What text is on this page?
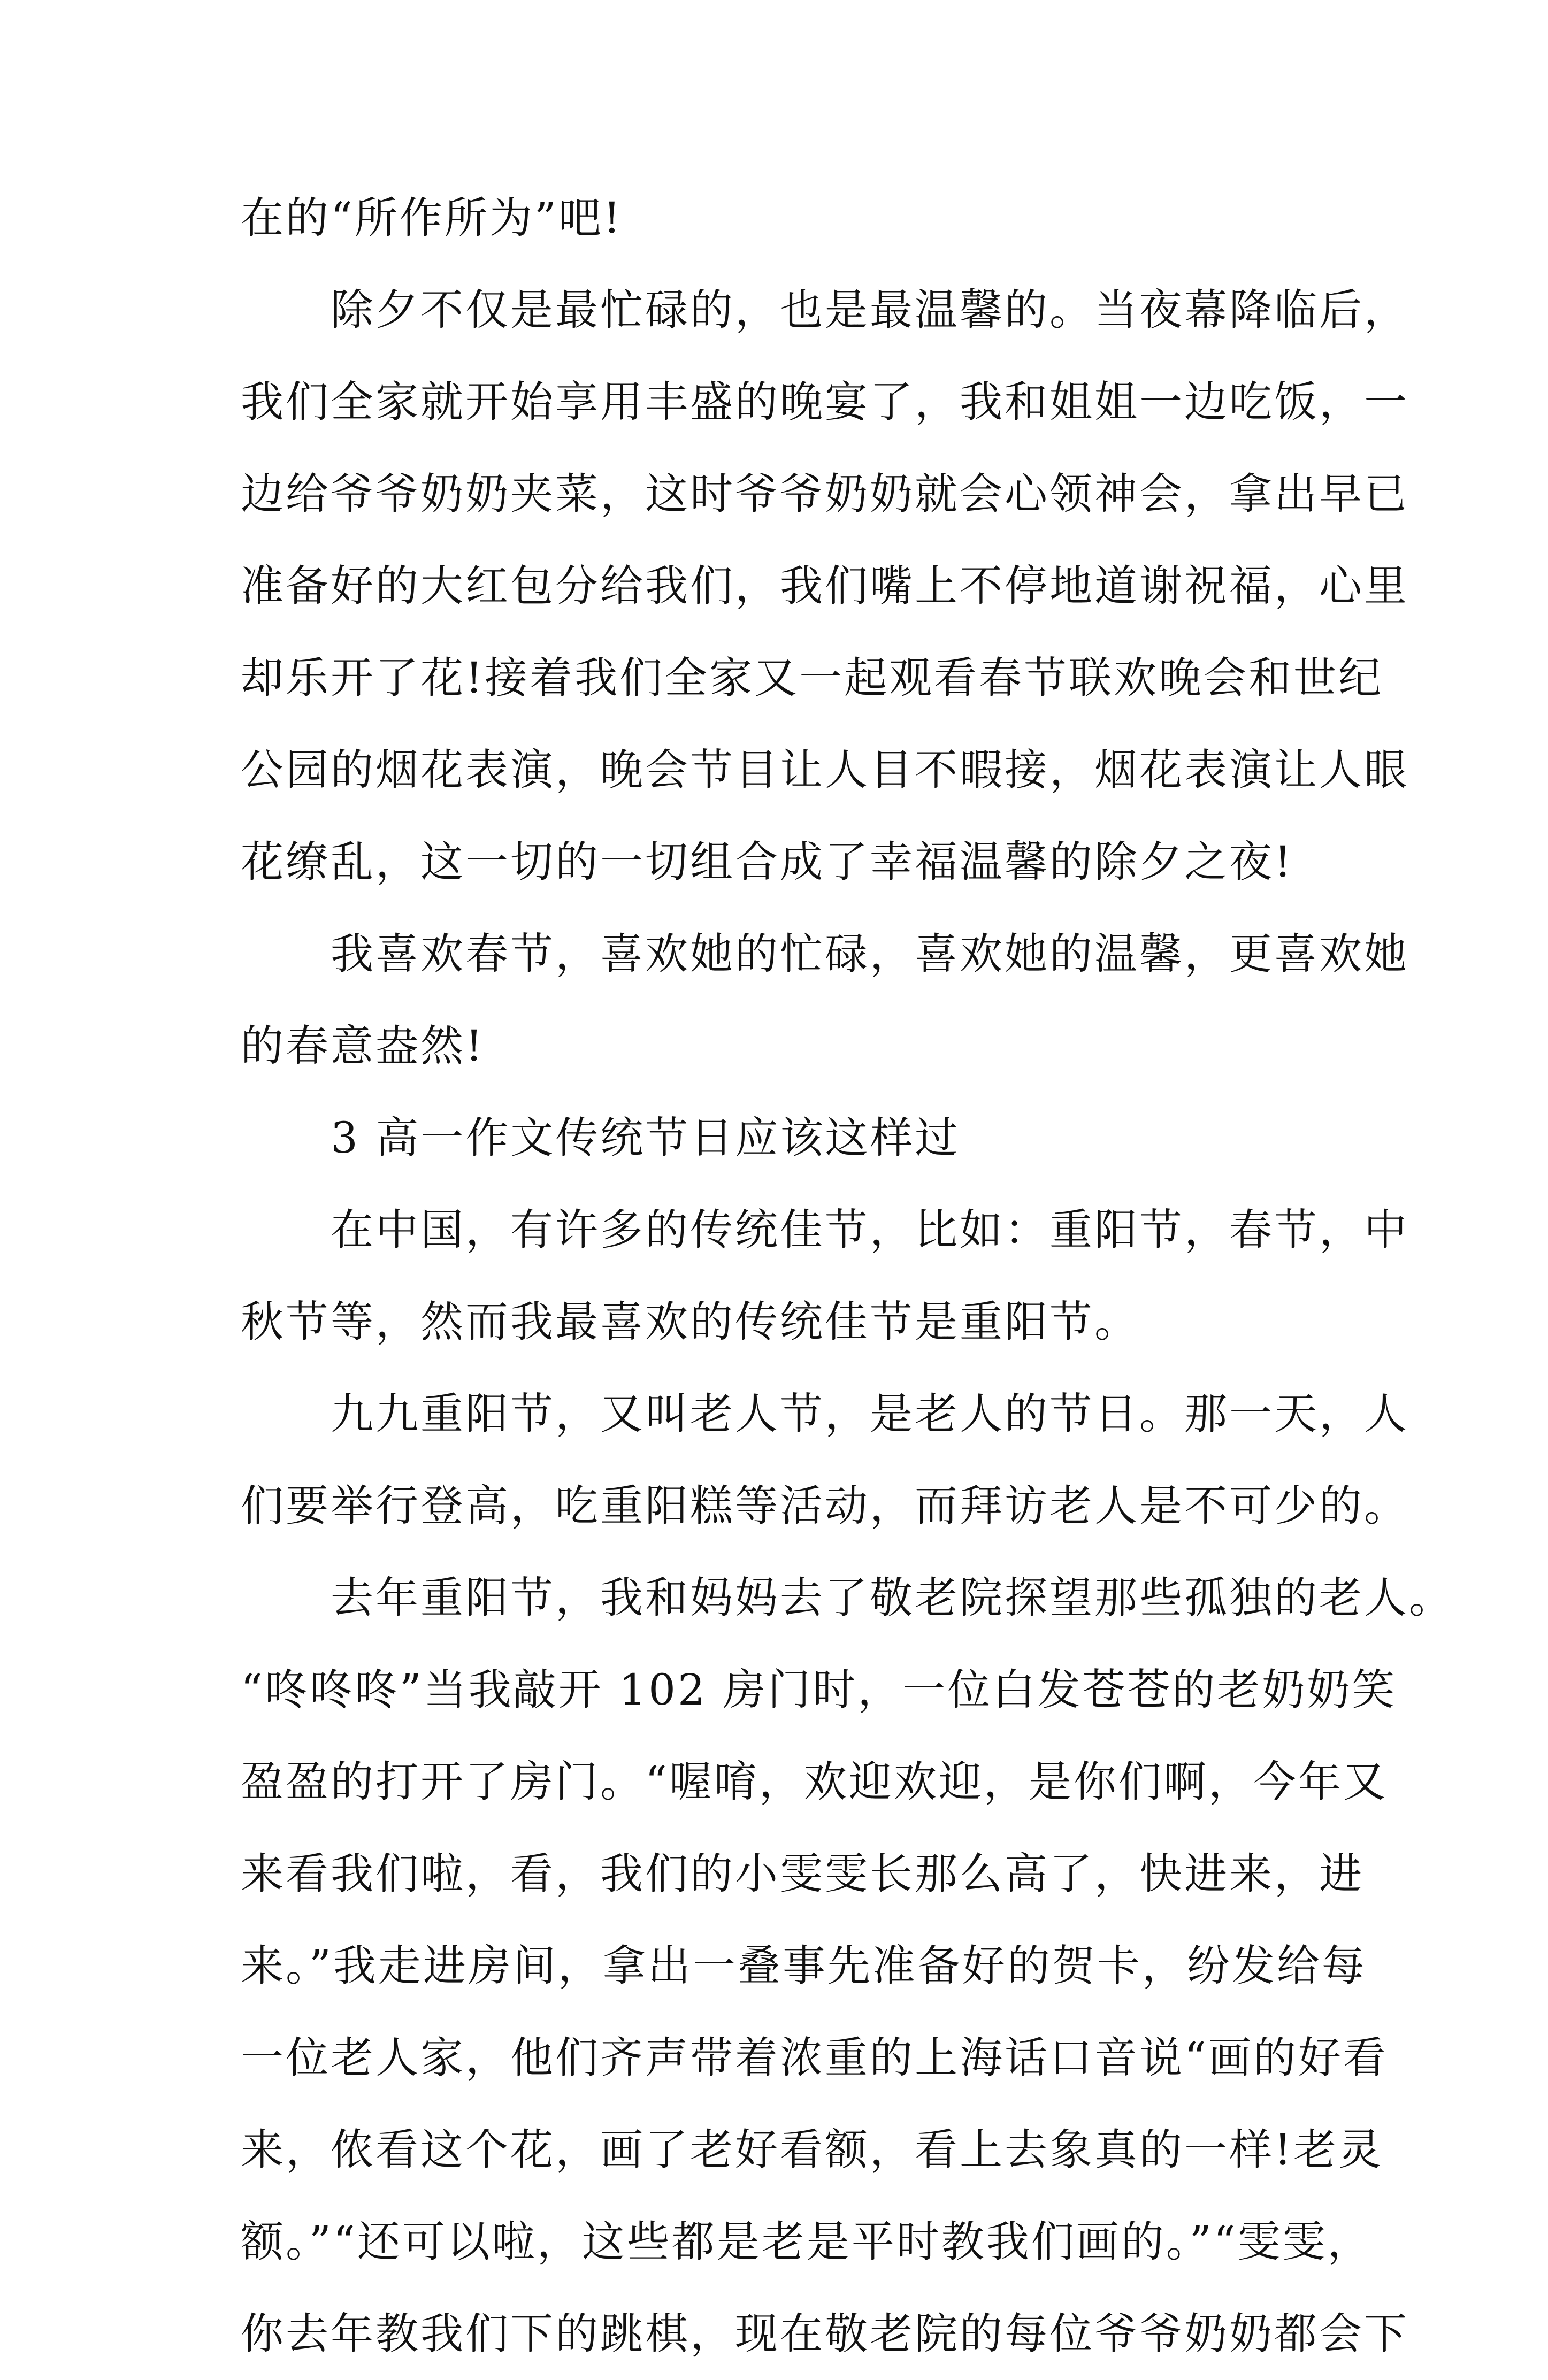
在的“所作所为”吧!
除夕不仅是最忙碌的，也是最温馨的。当夜幕降临后，
我们全家就开始享用丰盛的晚宴了，我和姐姐一边吃饭，一
边给爷爷奶奶夹菜，这时爷爷奶奶就会心领神会，拿出早已
准备好的大红包分给我们，我们嘴上不停地道谢祝福，心里
却乐开了花!接着我们全家又一起观看春节联欢晚会和世纪
公园的烟花表演，晚会节目让人目不暇接，烟花表演让人眼
花缭乱，这一切的一切组合成了幸福温馨的除夕之夜!
我喜欢春节，喜欢她的忙碌，喜欢她的温馨，更喜欢她
的春意盎然!
3 高一作文传统节日应该这样过
在中国，有许多的传统佳节，比如：重阳节，春节，中
秋节等，然而我最喜欢的传统佳节是重阳节。
九九重阳节，又叫老人节，是老人的节日。那一天，人
们要举行登高，吃重阳糕等活动，而拜访老人是不可少的。
去年重阳节，我和妈妈去了敬老院探望那些孤独的老人。
“咚咚咚”当我敲开 102 房门时，一位白发苍苍的老奶奶笑
盈盈的打开了房门。“喔唷，欢迎欢迎，是你们啊，今年又
来看我们啦，看，我们的小雯雯长那么高了，快进来，进
来。”我走进房间，拿出一叠事先准备好的贺卡，纷发给每
一位老人家，他们齐声带着浓重的上海话口音说“画的好看
来，侬看这个花，画了老好看额，看上去象真的一样!老灵
额。”“还可以啦，这些都是老是平时教我们画的。”“雯雯，
你去年教我们下的跳棋，现在敬老院的每位爷爷奶奶都会下
